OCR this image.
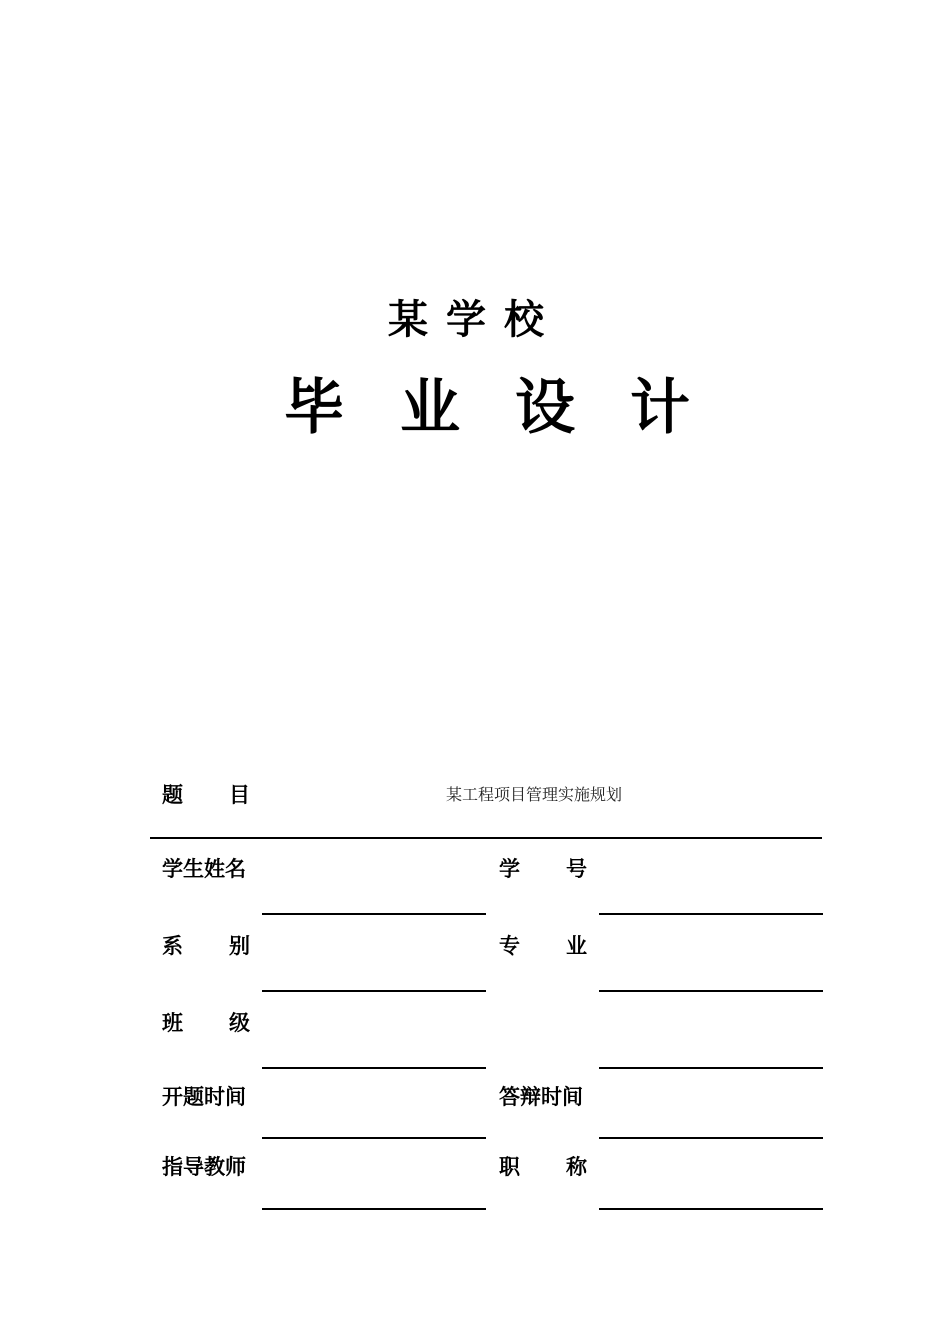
某学校
毕 业 设 计
题 目	某工程项目管理实施规划
学生姓名	学 号
系 别	专 业
班 级
开题时间	答辩时间
指导教师	职 称
